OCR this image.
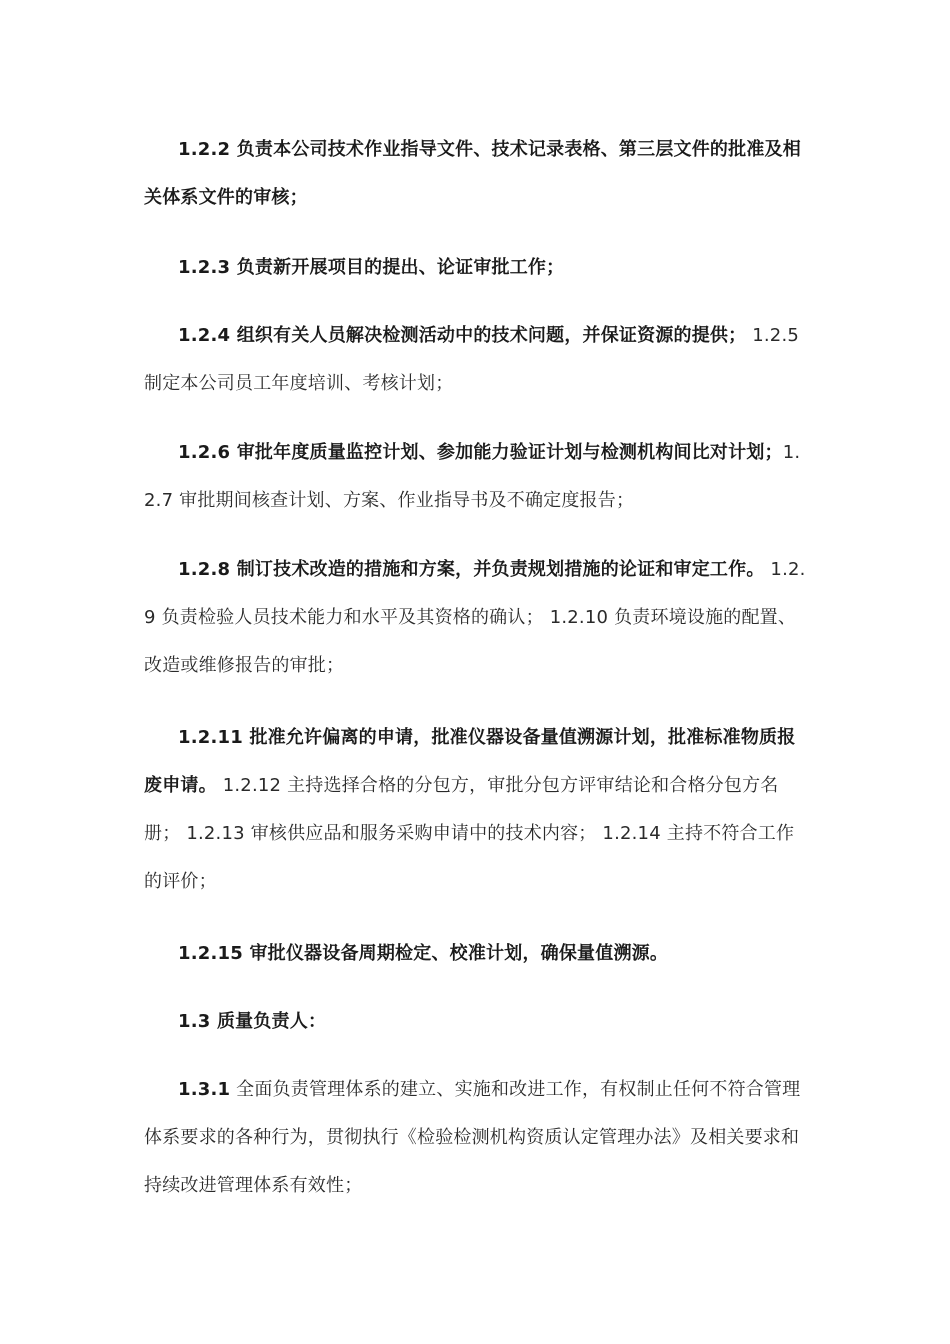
1.2.2 负责本公司技术作业指导文件、技术记录表格、第三层文件的批准及相关体系文件的审核；

1.2.3 负责新开展项目的提出、论证审批工作；

1.2.4 组织有关人员解决检测活动中的技术问题，并保证资源的提供； 1.2.5 制定本公司员工年度培训、考核计划；

1.2.6 审批年度质量监控计划、参加能力验证计划与检测机构间比对计划；1.2.7 审批期间核查计划、方案、作业指导书及不确定度报告；

1.2.8 制订技术改造的措施和方案，并负责规划措施的论证和审定工作。 1.2.9 负责检验人员技术能力和水平及其资格的确认； 1.2.10 负责环境设施的配置、改造或维修报告的审批；

1.2.11 批准允许偏离的申请，批准仪器设备量值溯源计划，批准标准物质报废申请。 1.2.12 主持选择合格的分包方，审批分包方评审结论和合格分包方名册； 1.2.13 审核供应品和服务采购申请中的技术内容； 1.2.14 主持不符合工作的评价；

1.2.15 审批仪器设备周期检定、校准计划，确保量值溯源。

1.3 质量负责人：

1.3.1 全面负责管理体系的建立、实施和改进工作，有权制止任何不符合管理体系要求的各种行为，贯彻执行《检验检测机构资质认定管理办法》及相关要求和持续改进管理体系有效性；
